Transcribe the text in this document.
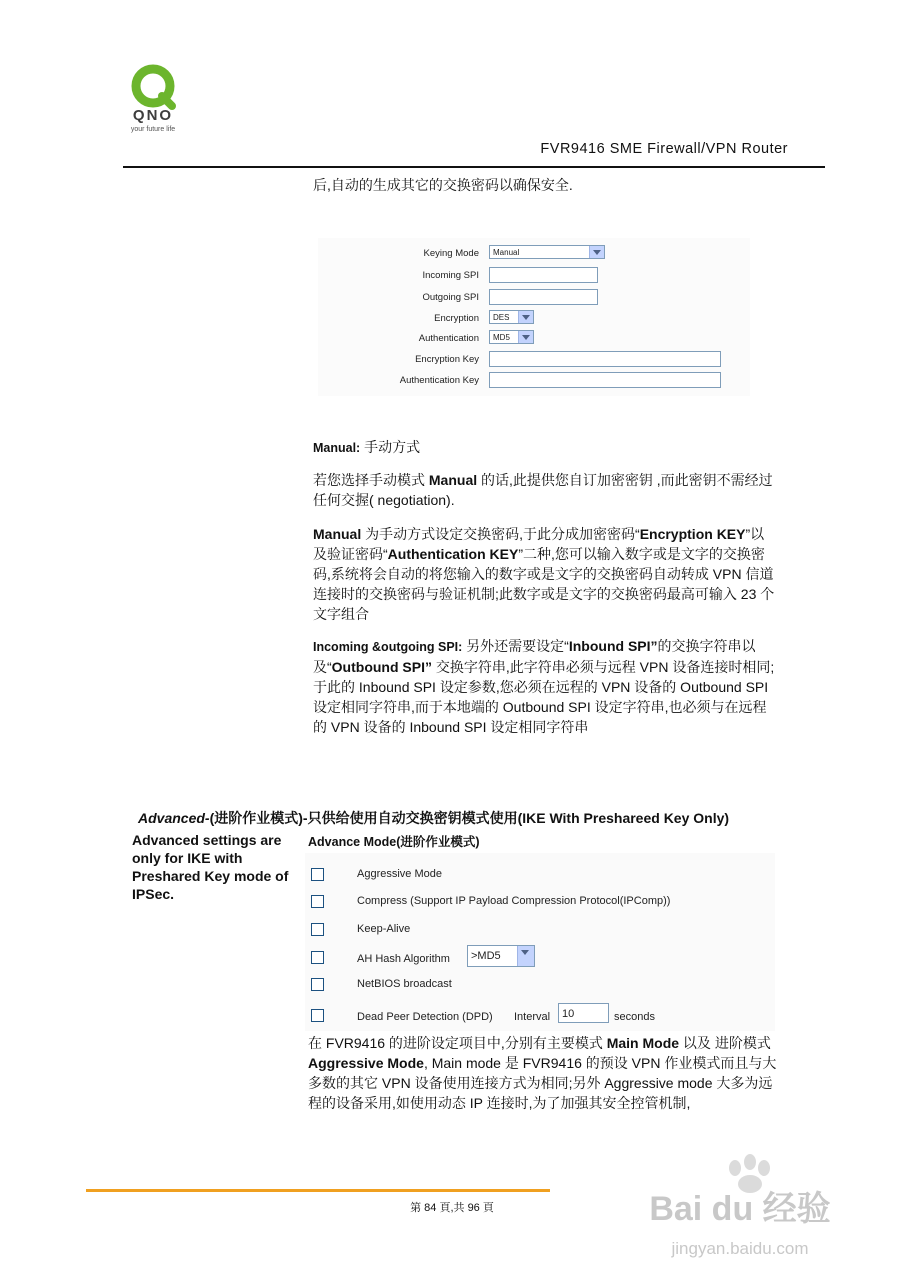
QNO
your future life
FVR9416 SME Firewall/VPN Router
后,自动的生成其它的交换密码以确保安全.
Keying Mode	Manual
Incoming SPI
Outgoing SPI
Encryption	DES
Authentication	MD5
Encryption Key
Authentication Key
Manual: 手动方式
若您选择手动模式 Manual 的话,此提供您自订加密密钥 ,而此密钥不需经过任何交握( negotiation).
Manual 为手动方式设定交换密码,于此分成加密密码“Encryption KEY”以及验证密码“Authentication KEY”二种,您可以输入数字或是文字的交换密码,系统将会自动的将您输入的数字或是文字的交换密码自动转成 VPN 信道连接时的交换密码与验证机制;此数字或是文字的交换密码最高可输入 23 个文字组合
Incoming &outgoing SPI: 另外还需要设定“Inbound SPI”的交换字符串以及“Outbound SPI” 交换字符串,此字符串必须与远程 VPN 设备连接时相同;于此的 Inbound SPI 设定参数,您必须在远程的 VPN 设备的 Outbound SPI 设定相同字符串,而于本地端的 Outbound SPI 设定字符串,也必须与在远程的 VPN 设备的 Inbound SPI 设定相同字符串
Advanced-(进阶作业模式)-只供给使用自动交换密钥模式使用(IKE With Preshareed Key Only)
Advanced settings are only for IKE with Preshared Key mode of IPSec.
Advance Mode(进阶作业模式)
Aggressive Mode
Compress (Support IP Payload Compression Protocol(IPComp))
Keep-Alive
AH Hash Algorithm	>MD5
NetBIOS broadcast
Dead Peer Detection (DPD) Interval	10	seconds
在 FVR9416 的进阶设定项目中,分别有主要模式 Main Mode 以及 进阶模式 Aggressive Mode, Main mode 是 FVR9416 的预设 VPN 作业模式而且与大多数的其它 VPN 设备使用连接方式为相同;另外 Aggressive mode 大多为远程的设备采用,如使用动态 IP 连接时,为了加强其安全控管机制,
第 84 頁,共 96 頁	Bai du 经验
jingyan.baidu.com
